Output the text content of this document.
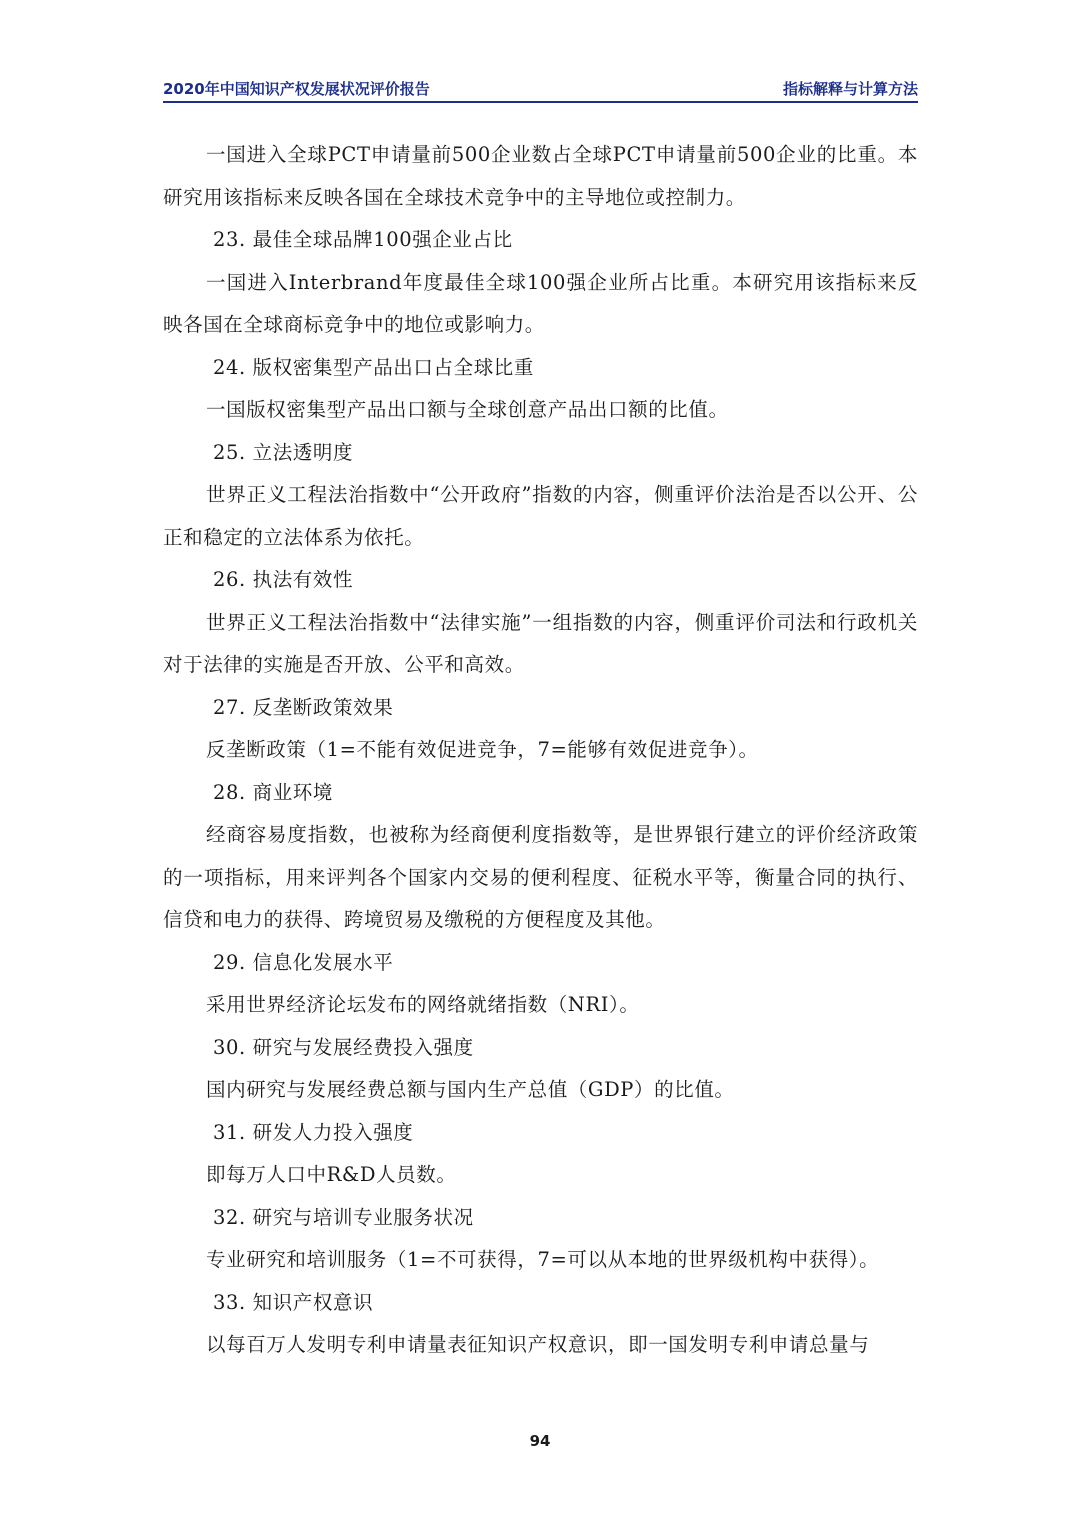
2020年中国知识产权发展状况评价报告	指标解释与计算方法

一国进入全球PCT申请量前500企业数占全球PCT申请量前500企业的比重。本研究用该指标来反映各国在全球技术竞争中的主导地位或控制力。

23. 最佳全球品牌100强企业占比

一国进入Interbrand年度最佳全球100强企业所占比重。本研究用该指标来反映各国在全球商标竞争中的地位或影响力。

24. 版权密集型产品出口占全球比重

一国版权密集型产品出口额与全球创意产品出口额的比值。

25. 立法透明度

世界正义工程法治指数中“公开政府”指数的内容，侧重评价法治是否以公开、公正和稳定的立法体系为依托。

26. 执法有效性

世界正义工程法治指数中“法律实施”一组指数的内容，侧重评价司法和行政机关对于法律的实施是否开放、公平和高效。

27. 反垄断政策效果

反垄断政策（1=不能有效促进竞争，7=能够有效促进竞争）。

28. 商业环境

经商容易度指数，也被称为经商便利度指数等，是世界银行建立的评价经济政策的一项指标，用来评判各个国家内交易的便利程度、征税水平等，衡量合同的执行、信贷和电力的获得、跨境贸易及缴税的方便程度及其他。

29. 信息化发展水平

采用世界经济论坛发布的网络就绪指数（NRI）。

30. 研究与发展经费投入强度

国内研究与发展经费总额与国内生产总值（GDP）的比值。

31. 研发人力投入强度

即每万人口中R&D人员数。

32. 研究与培训专业服务状况

专业研究和培训服务（1=不可获得，7=可以从本地的世界级机构中获得）。

33. 知识产权意识

以每百万人发明专利申请量表征知识产权意识，即一国发明专利申请总量与

94
